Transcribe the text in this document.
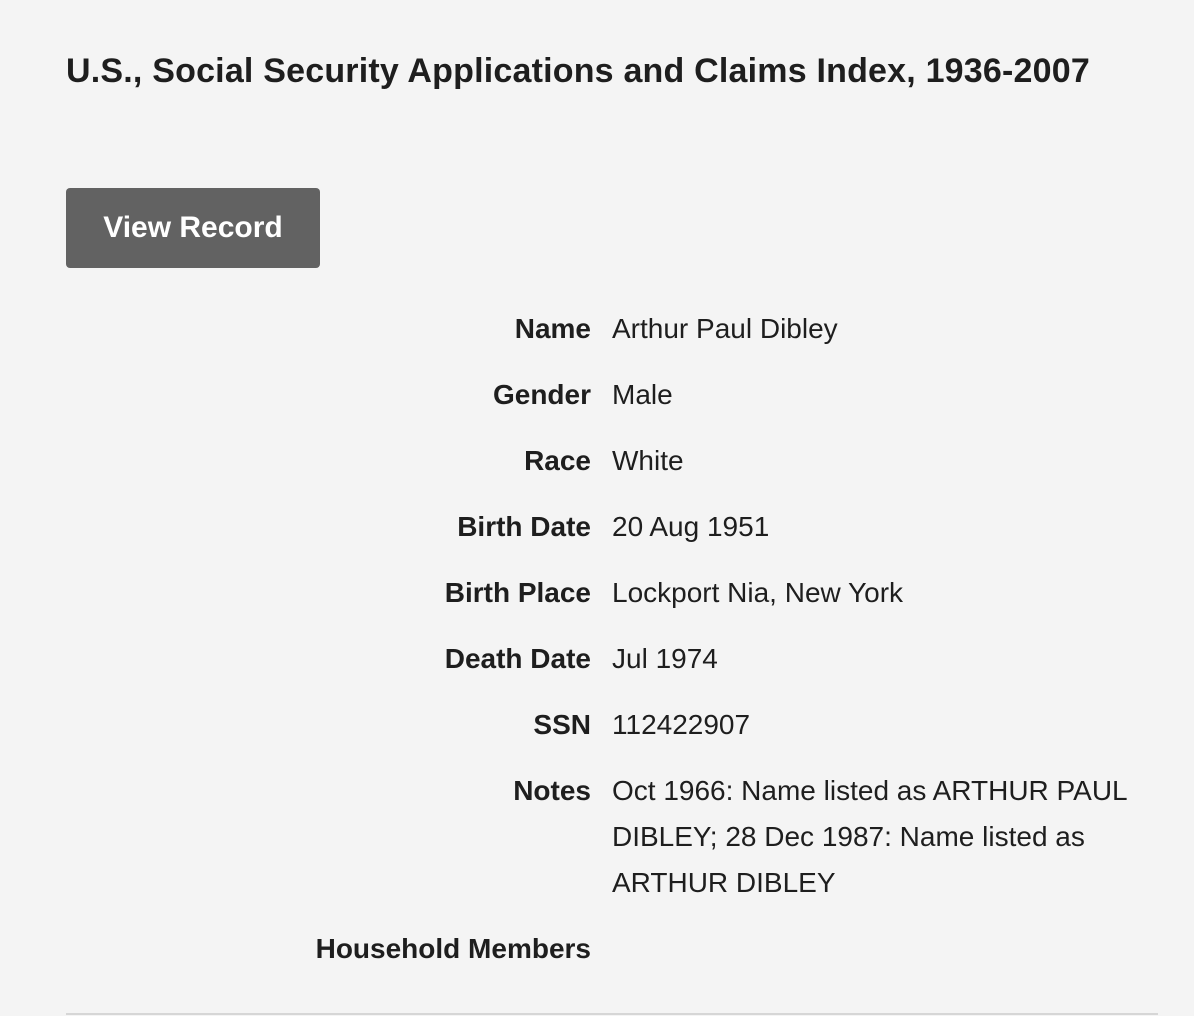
U.S., Social Security Applications and Claims Index, 1936-2007
View Record
Name Arthur Paul Dibley
Gender Male
Race White
Birth Date 20 Aug 1951
Birth Place Lockport Nia, New York
Death Date Jul 1974
SSN 112422907
Notes Oct 1966: Name listed as ARTHUR PAUL DIBLEY; 28 Dec 1987: Name listed as ARTHUR DIBLEY
Household Members
